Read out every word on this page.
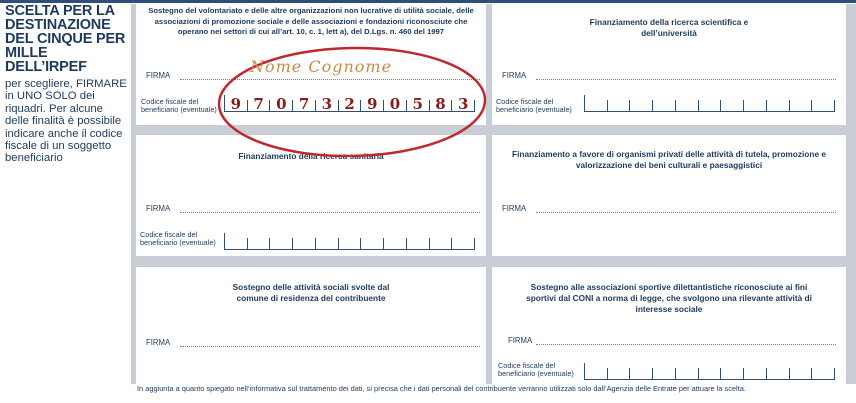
SCELTA PER LA DESTINAZIONE DEL CINQUE PER MILLE DELL’IRPEF
per scegliere, FIRMARE in UNO SOLO dei riquadri. Per alcune delle finalità è possibile indicare anche il codice fiscale di un soggetto beneficiario
Sostegno del volontariato e delle altre organizzazioni non lucrative di utilità sociale, delle associazioni di promozione sociale e delle associazioni e fondazioni riconosciute che operano nei settori di cui all’art. 10, c. 1, lett a), del D.Lgs. n. 460 del 1997
FIRMA
Codice fiscale del
beneficiario (eventuale) 9 7 0 7 3 2 9 0 5 8 3
Finanziamento della ricerca scientifica e dell’università
FIRMA
Codice fiscale del
beneficiario (eventuale)
Finanziamento della ricerca sanitaria
FIRMA
Codice fiscale del
beneficiario (eventuale)
Finanziamento a favore di organismi privati delle attività di tutela, promozione e valorizzazione dei beni culturali e paesaggistici
FIRMA
Sostegno delle attività sociali svolte dal comune di residenza del contribuente
FIRMA
Sostegno alle associazioni sportive dilettantistiche riconosciute ai fini sportivi dal CONI a norma di legge, che svolgono una rilevante attività di interesse sociale
FIRMA
Codice fiscale del
beneficiario (eventuale)
In aggiunta a quanto spiegato nell’informativa sul trattamento dei dati, si precisa che i dati personali del contribuente verranno utilizzati solo dall’Agenzia delle Entrate per attuare la scelta.
Nome Cognome
